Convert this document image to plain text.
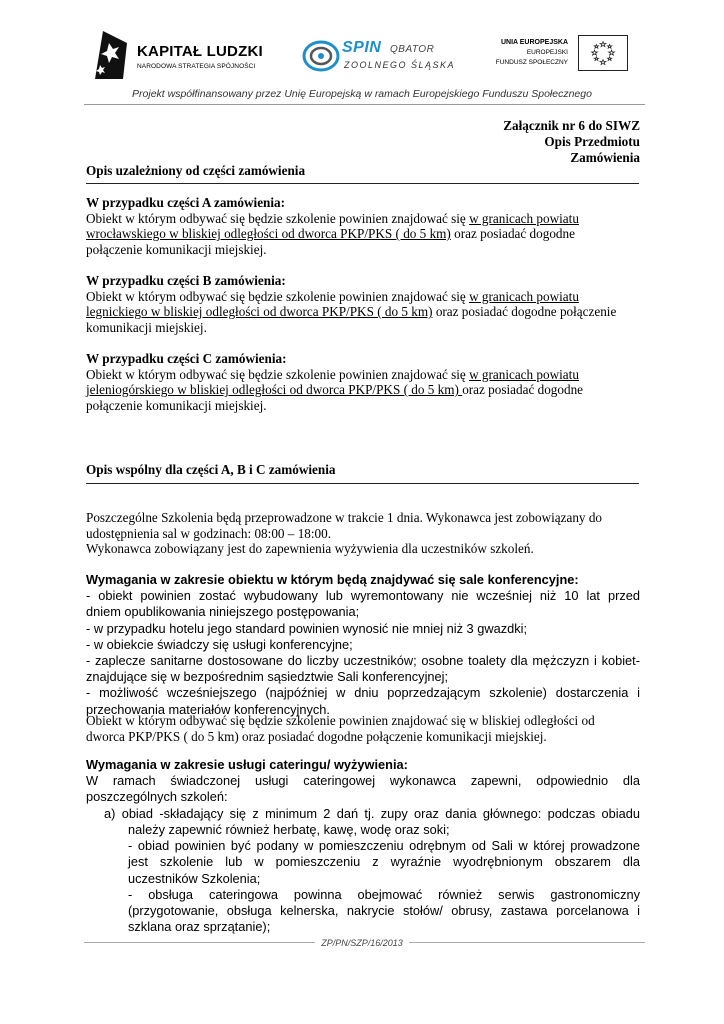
KAPITAŁ LUDZKI
NARODOWA STRATEGIA SPÓJNOŚCI
SPIN QBATOR
ZOOLNEGO ŚLĄSKA
UNIA EUROPEJSKA
EUROPEJSKI
FUNDUSZ SPOŁECZNY
Projekt współfinansowany przez Unię Europejską w ramach Europejskiego Funduszu Społecznego
Załącznik nr 6 do SIWZ
Opis Przedmiotu
Zamówienia
Opis uzależniony od części zamówienia
W przypadku części A zamówienia:
Obiekt w którym odbywać się będzie szkolenie powinien znajdować się w granicach powiatu
wrocławskiego w bliskiej odległości od dworca PKP/PKS ( do 5 km) oraz posiadać dogodne
połączenie komunikacji miejskiej.
W przypadku części B zamówienia:
Obiekt w którym odbywać się będzie szkolenie powinien znajdować się w granicach powiatu
legnickiego w bliskiej odległości od dworca PKP/PKS ( do 5 km) oraz posiadać dogodne połączenie
komunikacji miejskiej.
W przypadku części C zamówienia:
Obiekt w którym odbywać się będzie szkolenie powinien znajdować się w granicach powiatu
jeleniogórskiego w bliskiej odległości od dworca PKP/PKS ( do 5 km) oraz posiadać dogodne
połączenie komunikacji miejskiej.
Opis wspólny dla części A, B i C zamówienia
Poszczególne Szkolenia będą przeprowadzone w trakcie 1 dnia. Wykonawca jest zobowiązany do
udostępnienia sal w godzinach: 08:00 – 18:00.
Wykonawca zobowiązany jest do zapewnienia wyżywienia dla uczestników szkoleń.
Wymagania w zakresie obiektu w którym będą znajdywać się sale konferencyjne:
- obiekt powinien zostać wybudowany lub wyremontowany nie wcześniej niż 10 lat przed
dniem opublikowania niniejszego postępowania;
- w przypadku hotelu jego standard powinien wynosić nie mniej niż 3 gwazdki;
- w obiekcie świadczy się usługi konferencyjne;
- zaplecze sanitarne dostosowane do liczby uczestników; osobne toalety dla mężczyzn i kobiet-
znajdujące się w bezpośrednim sąsiedztwie Sali konferencyjnej;
- możliwość wcześniejszego (najpóźniej w dniu poprzedzającym szkolenie) dostarczenia i
przechowania materiałów konferencyjnych.
Obiekt w którym odbywać się będzie szkolenie powinien znajdować się w bliskiej odległości od
dworca PKP/PKS ( do 5 km) oraz posiadać dogodne połączenie komunikacji miejskiej.
Wymagania w zakresie usługi cateringu/ wyżywienia:
W ramach świadczonej usługi cateringowej wykonawca zapewni, odpowiednio dla
poszczególnych szkoleń:
a) obiad -składający się z minimum 2 dań tj. zupy oraz dania głównego: podczas obiadu
należy zapewnić również herbatę, kawę, wodę oraz soki;
- obiad powinien być podany w pomieszczeniu odrębnym od Sali w której prowadzone
jest szkolenie lub w pomieszczeniu z wyraźnie wyodrębnionym obszarem dla
uczestników Szkolenia;
- obsługa cateringowa powinna obejmować również serwis gastronomiczny
(przygotowanie, obsługa kelnerska, nakrycie stołów/ obrusy, zastawa porcelanowa i
szklana oraz sprzątanie);
ZP/PN/SZP/16/2013
